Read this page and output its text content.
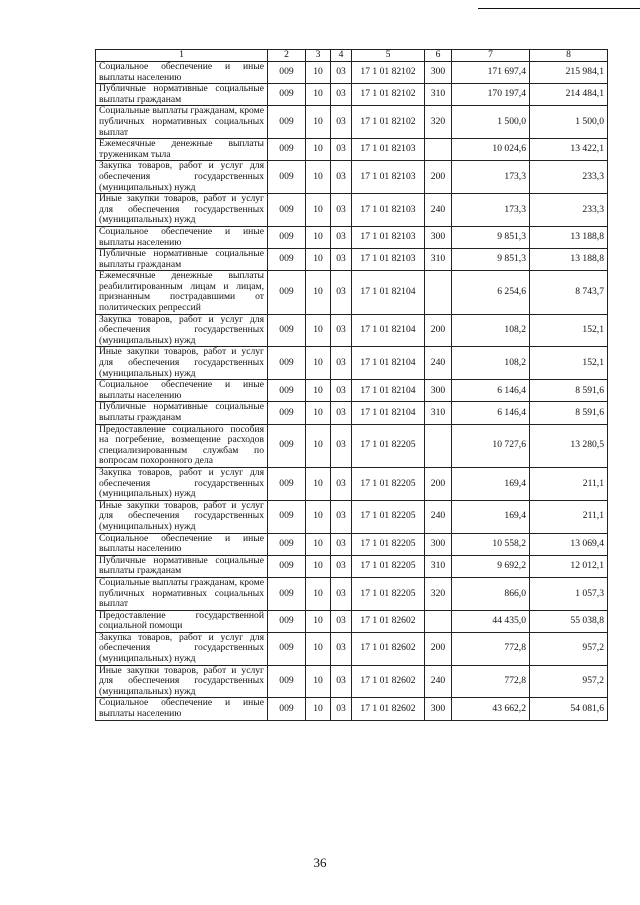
1	2	3	4	5	6	7	8
Социальное обеспечение и иные выплаты населению	009	10	03	17 1 01 82102	300	171 697,4	215 984,1
Публичные нормативные социальные выплаты гражданам	009	10	03	17 1 01 82102	310	170 197,4	214 484,1
Социальные выплаты гражданам, кроме публичных нормативных социальных выплат	009	10	03	17 1 01 82102	320	1 500,0	1 500,0
Ежемесячные денежные выплаты труженикам тыла	009	10	03	17 1 01 82103		10 024,6	13 422,1
Закупка товаров, работ и услуг для обеспечения государственных (муниципальных) нужд	009	10	03	17 1 01 82103	200	173,3	233,3
Иные закупки товаров, работ и услуг для обеспечения государственных (муниципальных) нужд	009	10	03	17 1 01 82103	240	173,3	233,3
Социальное обеспечение и иные выплаты населению	009	10	03	17 1 01 82103	300	9 851,3	13 188,8
Публичные нормативные социальные выплаты гражданам	009	10	03	17 1 01 82103	310	9 851,3	13 188,8
Ежемесячные денежные выплаты реабилитированным лицам и лицам, признанным пострадавшими от политических репрессий	009	10	03	17 1 01 82104		6 254,6	8 743,7
Закупка товаров, работ и услуг для обеспечения государственных (муниципальных) нужд	009	10	03	17 1 01 82104	200	108,2	152,1
Иные закупки товаров, работ и услуг для обеспечения государственных (муниципальных) нужд	009	10	03	17 1 01 82104	240	108,2	152,1
Социальное обеспечение и иные выплаты населению	009	10	03	17 1 01 82104	300	6 146,4	8 591,6
Публичные нормативные социальные выплаты гражданам	009	10	03	17 1 01 82104	310	6 146,4	8 591,6
Предоставление социального пособия на погребение, возмещение расходов специализированным службам по вопросам похоронного дела	009	10	03	17 1 01 82205		10 727,6	13 280,5
Закупка товаров, работ и услуг для обеспечения государственных (муниципальных) нужд	009	10	03	17 1 01 82205	200	169,4	211,1
Иные закупки товаров, работ и услуг для обеспечения государственных (муниципальных) нужд	009	10	03	17 1 01 82205	240	169,4	211,1
Социальное обеспечение и иные выплаты населению	009	10	03	17 1 01 82205	300	10 558,2	13 069,4
Публичные нормативные социальные выплаты гражданам	009	10	03	17 1 01 82205	310	9 692,2	12 012,1
Социальные выплаты гражданам, кроме публичных нормативных социальных выплат	009	10	03	17 1 01 82205	320	866,0	1 057,3
Предоставление государственной социальной помощи	009	10	03	17 1 01 82602		44 435,0	55 038,8
Закупка товаров, работ и услуг для обеспечения государственных (муниципальных) нужд	009	10	03	17 1 01 82602	200	772,8	957,2
Иные закупки товаров, работ и услуг для обеспечения государственных (муниципальных) нужд	009	10	03	17 1 01 82602	240	772,8	957,2
Социальное обеспечение и иные выплаты населению	009	10	03	17 1 01 82602	300	43 662,2	54 081,6
36
